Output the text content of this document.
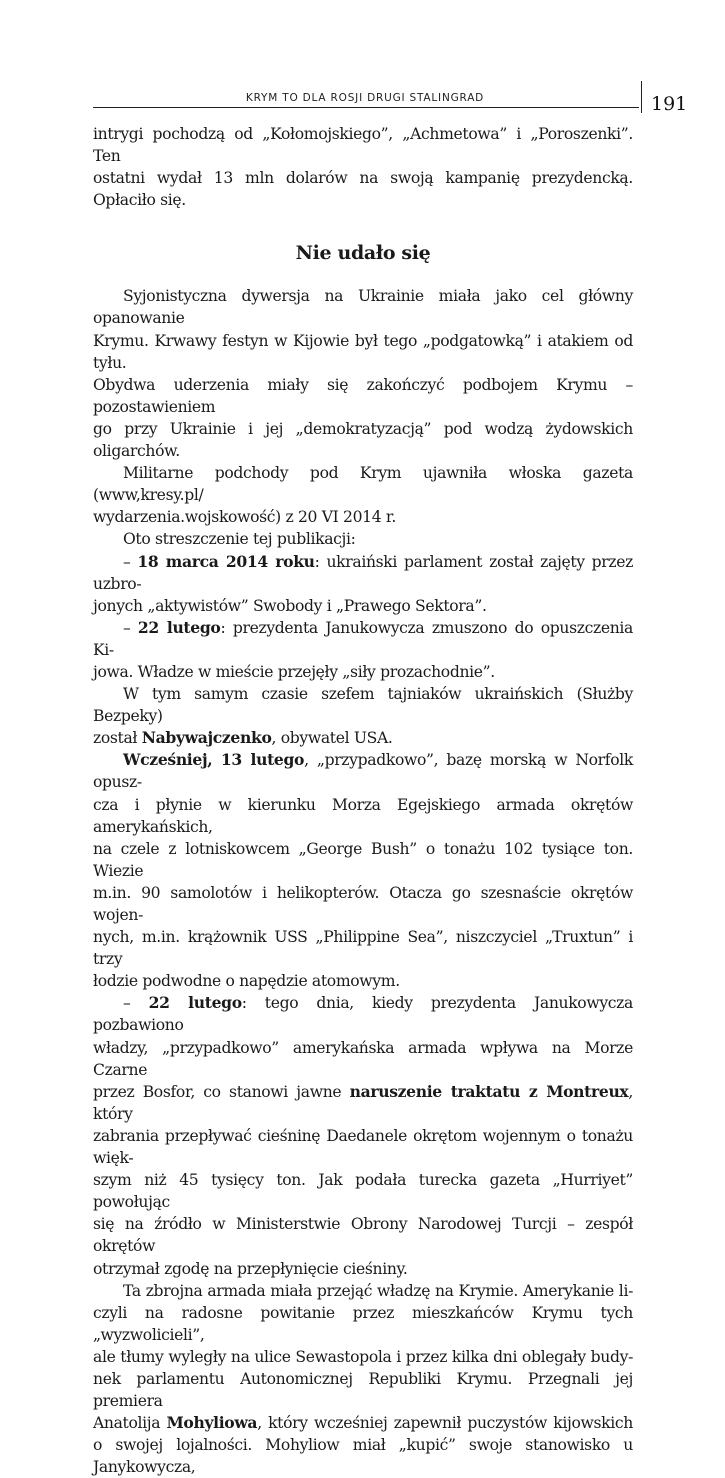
KRYM TO DLA ROSJI DRUGI STALINGRAD	191

intrygi pochodzą od „Kołomojskiego”, „Achmetowa” i „Poroszenki”. Ten

ostatni wydał 13 mln dolarów na swoją kampanię prezydencką. Opłaciło się.

Nie udało się

Syjonistyczna dywersja na Ukrainie miała jako cel główny opanowanie

Krymu. Krwawy festyn w Kijowie był tego „podgatowką” i atakiem od tyłu.

Obydwa uderzenia miały się zakończyć podbojem Krymu – pozostawieniem

go przy Ukrainie i jej „demokratyzacją” pod wodzą żydowskich oligarchów.

Militarne podchody pod Krym ujawniła włoska gazeta (www,kresy.pl/

wydarzenia.wojskowość) z 20 VI 2014 r.

Oto streszczenie tej publikacji:

– 18 marca 2014 roku: ukraiński parlament został zajęty przez uzbro-

jonych „aktywistów” Swobody i „Prawego Sektora”.

– 22 lutego: prezydenta Janukowycza zmuszono do opuszczenia Ki-

jowa. Władze w mieście przejęły „siły prozachodnie”.

W tym samym czasie szefem tajniaków ukraińskich (Służby Bezpeky)

został Nabywajczenko, obywatel USA.

Wcześniej, 13 lutego, „przypadkowo”, bazę morską w Norfolk opusz-

cza i płynie w kierunku Morza Egejskiego armada okrętów amerykańskich,

na czele z lotniskowcem „George Bush” o tonażu 102 tysiące ton. Wiezie

m.in. 90 samolotów i helikopterów. Otacza go szesnaście okrętów wojen-

nych, m.in. krążownik USS „Philippine Sea”, niszczyciel „Truxtun” i trzy

łodzie podwodne o napędzie atomowym.

– 22 lutego: tego dnia, kiedy prezydenta Janukowycza pozbawiono

władzy, „przypadkowo” amerykańska armada wpływa na Morze Czarne

przez Bosfor, co stanowi jawne naruszenie traktatu z Montreux, który

zabrania przepływać cieśninę Daedanele okrętom wojennym o tonażu więk-

szym niż 45 tysięcy ton. Jak podała turecka gazeta „Hurriyet” powołując

się na źródło w Ministerstwie Obrony Narodowej Turcji – zespół okrętów

otrzymał zgodę na przepłynięcie cieśniny.

Ta zbrojna armada miała przejąć władzę na Krymie. Amerykanie li-

czyli na radosne powitanie przez mieszkańców Krymu tych „wyzwolicieli”,

ale tłumy wyległy na ulice Sewastopola i przez kilka dni oblegały budy-

nek parlamentu Autonomicznej Republiki Krymu. Przegnali jej premiera

Anatolija Mohyliowa, który wcześniej zapewnił puczystów kijowskich

o swojej lojalności. Mohyliow miał „kupić” swoje stanowisko u Janykowycza,
